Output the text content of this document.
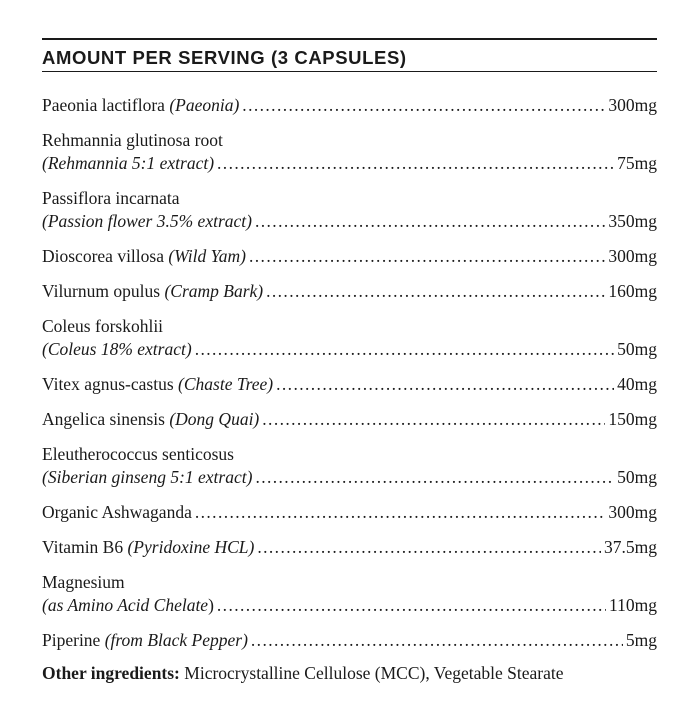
AMOUNT PER SERVING (3 CAPSULES)
Paeonia lactiflora (Paeonia) .....	300mg
Rehmannia glutinosa root
(Rehmannia 5:1 extract) .....	75mg
Passiflora incarnata
(Passion flower 3.5% extract) .....	350mg
Dioscorea villosa (Wild Yam) .....	300mg
Vilurnum opulus (Cramp Bark) .....	160mg
Coleus forskohlii
(Coleus 18% extract) .....	50mg
Vitex agnus-castus (Chaste Tree) .....	40mg
Angelica sinensis (Dong Quai) .....	150mg
Eleutherococcus senticosus
(Siberian ginseng 5:1 extract) .....	50mg
Organic Ashwaganda .....	300mg
Vitamin B6 (Pyridoxine HCL) .....	37.5mg
Magnesium
(as Amino Acid Chelate) .....	110mg
Piperine (from Black Pepper) .....	5mg
Other ingredients: Microcrystalline Cellulose (MCC), Vegetable Stearate
